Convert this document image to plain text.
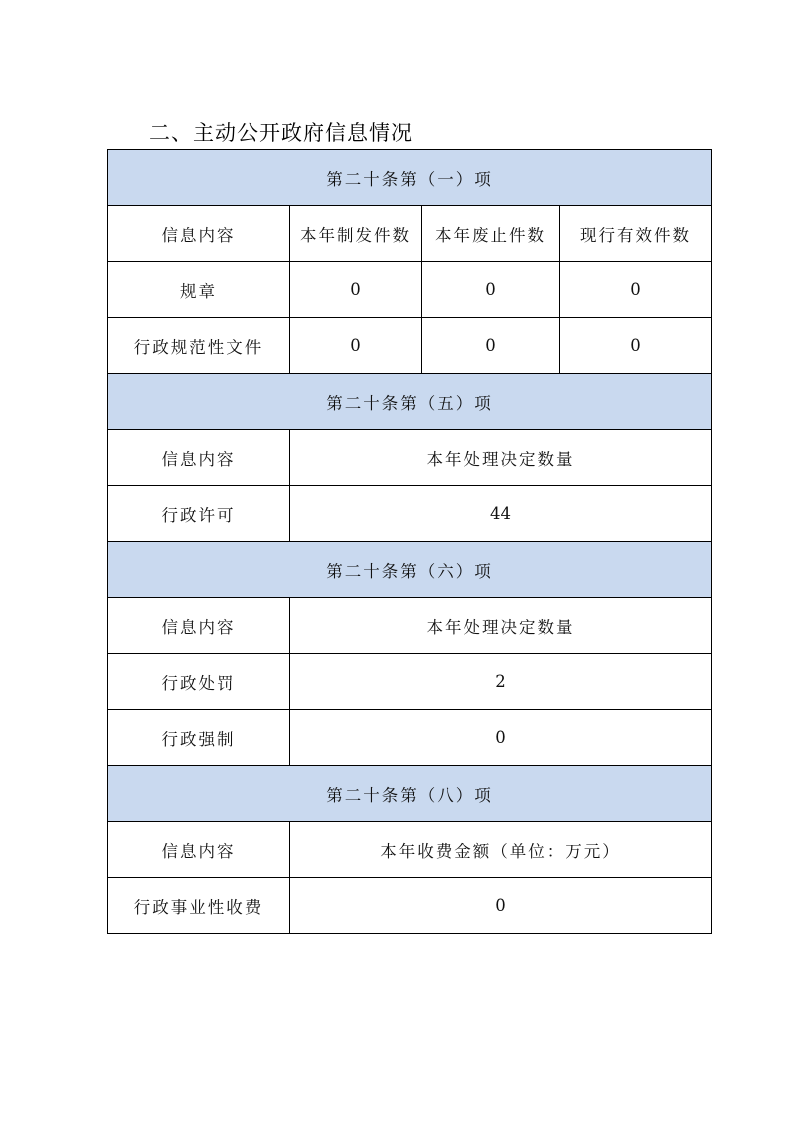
二、主动公开政府信息情况
第二十条第（一）项			
信息内容	本年制发件数	本年废止件数	现行有效件数
规章	0	0	0
行政规范性文件	0	0	0
第二十条第（五）项			
信息内容	本年处理决定数量		
行政许可	44		
第二十条第（六）项			
信息内容	本年处理决定数量		
行政处罚	2		
行政强制	0		
第二十条第（八）项			
信息内容	本年收费金额（单位：万元）		
行政事业性收费	0		
